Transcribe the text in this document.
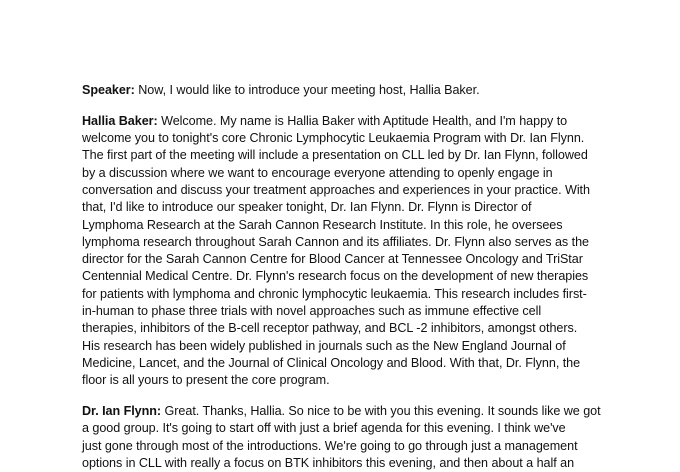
Speaker: Now, I would like to introduce your meeting host, Hallia Baker.

Hallia Baker: Welcome. My name is Hallia Baker with Aptitude Health, and I'm happy to
welcome you to tonight's core Chronic Lymphocytic Leukaemia Program with Dr. Ian Flynn.
The first part of the meeting will include a presentation on CLL led by Dr. Ian Flynn, followed
by a discussion where we want to encourage everyone attending to openly engage in
conversation and discuss your treatment approaches and experiences in your practice. With
that, I'd like to introduce our speaker tonight, Dr. Ian Flynn. Dr. Flynn is Director of
Lymphoma Research at the Sarah Cannon Research Institute. In this role, he oversees
lymphoma research throughout Sarah Cannon and its affiliates. Dr. Flynn also serves as the
director for the Sarah Cannon Centre for Blood Cancer at Tennessee Oncology and TriStar
Centennial Medical Centre. Dr. Flynn's research focus on the development of new therapies
for patients with lymphoma and chronic lymphocytic leukaemia. This research includes first-
in-human to phase three trials with novel approaches such as immune effective cell
therapies, inhibitors of the B-cell receptor pathway, and BCL -2 inhibitors, amongst others.
His research has been widely published in journals such as the New England Journal of
Medicine, Lancet, and the Journal of Clinical Oncology and Blood. With that, Dr. Flynn, the
floor is all yours to present the core program.

Dr. Ian Flynn: Great. Thanks, Hallia. So nice to be with you this evening. It sounds like we got
a good group. It's going to start off with just a brief agenda for this evening. I think we've
just gone through most of the introductions. We're going to go through just a management
options in CLL with really a focus on BTK inhibitors this evening, and then about a half an
